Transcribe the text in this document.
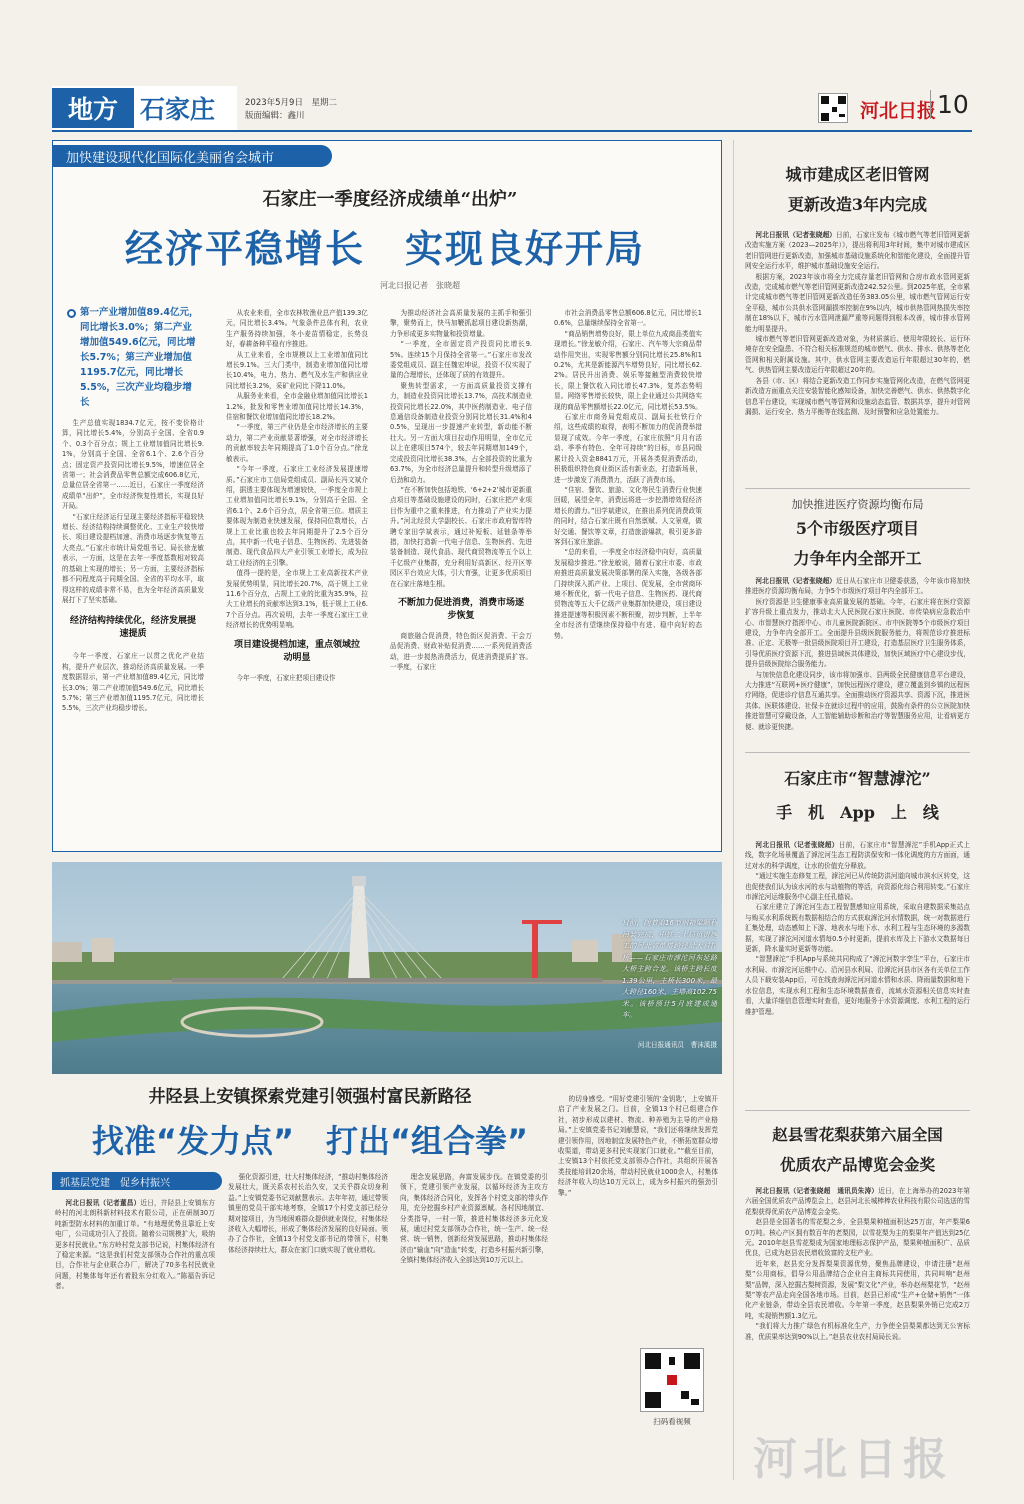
地方 石家庄	2023年5月9日　星期二
版面编辑：鑫川	河北日报 10
加快建设现代化国际化美丽省会城市
石家庄一季度经济成绩单“出炉”
经济平稳增长　实现良好开局
河北日报记者　张晓超
第一产业增加值89.4亿元，同比增长3.0%；第二产业增加值549.6亿元，同比增长5.7%；第三产业增加值1195.7亿元，同比增长5.5%，三次产业均稳步增长

生产总值实现1834.7亿元，按不变价格计算，同比增长5.4%，分别高于全国、全省0.9个、0.3个百分点；规上工业增加值同比增长9.1%，分别高于全国、全省6.1个、2.6个百分点；固定资产投资同比增长9.5%，增速位居全省第一；社会消费品零售总额完成606.8亿元，总量位居全省第一……近日，石家庄一季度经济成绩单“出炉”，全市经济恢复性增长，实现良好开局。

“石家庄经济运行呈现主要经济指标平稳较快增长、经济结构持续调整优化、工业生产较快增长、项目建设提档加速、消费市场逐步恢复等五大亮点。”石家庄市统计局党组书记、局长徐龙敏表示，一方面，这是在去年一季度基数相对较高的基础上实现的增长；另一方面，主要经济指标都不同程度高于同期全国、全省的平均水平，取得这样的成绩非常不易，也为全年经济高质量发展打下了坚实基础。

经济结构持续优化，经济发展提速提质

今年一季度，石家庄一以贯之优化产业结构，提升产业层次，推动经济高质量发展。一季度数据显示，第一产业增加值89.4亿元，同比增长3.0%；第二产业增加值549.6亿元，同比增长5.7%；第三产业增加值1195.7亿元，同比增长5.5%，三次产业均稳步增长。

从农业来看，全市农林牧渔业总产值139.3亿元，同比增长3.4%。气象条件总体有利，农业生产服务持续加强，冬小麦苗情稳定，长势良好，春耕备种平稳有序推进。

从工业来看，全市规模以上工业增加值同比增长9.1%。三大门类中，制造业增加值同比增长10.4%，电力、热力、燃气及水生产和供应业同比增长3.2%，采矿业同比下降11.0%。

从服务业来看，全市金融业增加值同比增长11.2%，批发和零售业增加值同比增长14.3%，住宿和餐饮业增加值同比增长18.2%。

“一季度，第三产业仍是全市经济增长的主要动力，第二产业贡献显著增强，对全市经济增长的贡献率较去年同期提高了1.0个百分点。”徐龙敏表示。

“今年一季度，石家庄工业经济发展提速增质。”石家庄市工信局党组成员、副局长冯文斌介绍，据透主要体现为增速较快，一季度全市规上工业增加值同比增长9.1%，分别高于全国、全省6.1个、2.6个百分点，居全省第三位。增质主要体现为制造业快速发展，保持同位数增长，占规上工业比重也较去年同期提升了2.5个百分点，其中新一代电子信息、生物医药、先进装备制造、现代食品四大产业引领工业增长，成为拉动工业经济的主引擎。

值得一提的是，全市规上工业高新技术产业发展优势明显，同比增长20.7%，高于规上工业11.6个百分点，占规上工业的比重为35.9%，拉大工业增长的贡献率达到3.1%，低于规上工业6.7个百分点。再次说明，去年一季度石家庄工业经济增长的优势明显响。

项目建设提档加速，重点领域拉动明显

今年一季度，石家庄把项目建设作

为推动经济社会高质量发展的主抓手和强引擎，聚势而上，快马加鞭抓起项目建设新热潮，力争形成更多实物量和投资增量。

“一季度，全市固定资产投资同比增长9.5%。连续15个月保持全省第一。”石家庄市发改委党组成员、副主任魏宏坤说，投资不仅实现了量的合理增长，还体现了质的有效提升。

聚焦转型需求，一方面高质量投资支撑有力，制造业投资同比增长13.7%，高技术制造业投资同比增长22.0%，其中医药制造业、电子信息通信设备制造业投资分别同比增长31.4%和40.5%，呈现出一步提速产业转型，新动能不断壮大。另一方面大项目拉动作用明显，全市亿元以上在建项目574个，较去年同期增加149个，完成投资同比增长38.3%，占全部投资的比重为63.7%，为全市经济总量提升和转型升级增添了后劲和动力。

“在不断加快包括地铁、‘6+2+2’城市更新重点项目等基础设施建设的同时，石家庄把产业项目作为重中之重来推进，有力推动了产业实力提升。”河北经贸大学副校长、石家庄市政府智库特聘专家田学斌表示，通过补短板、延链条等举措，加快打造新一代电子信息、生物医药、先进装备制造、现代食品、现代商贸物流等五个以上千亿级产业集群，充分利用好高新区、经开区等园区平台效应大体，引大育强，让更多优质项目在石家庄落地生根。

不断加力促进消费，消费市场逐步恢复

商旅融合促消费，特色街区促消费、干会万品促消费、财政补贴促消费……一系列促消费活动，进一步搅热消费活力，促进消费提质扩容。一季度，石家庄

市社会消费品零售总额606.8亿元，同比增长10.6%，总量继续保持全省第一。

“商品销售增势良好，限上单位九成商品类值实现增长。”徐龙敏介绍，石家庄、汽车等大宗商品带动作用突出，实现零售额分别同比增长25.8%和10.2%，尤其是新能源汽车增势良好，同比增长62.2%。居民升出消费、娱乐等接触型消费较快增长，限上餐饮收入同比增长47.3%，复苏态势明显。网络零售增长较快，限上企业通过公共网络实现的商品零售额增长22.0亿元，同比增长53.5%。

石家庄市商务局党组成员、副局长杜铁行介绍，这些成绩的取得，表明不断加力的促消费举措显现了成效。今年一季度，石家庄依照“月月有活动、季季有特色、全年可持续”的目标，市县同级累计投入资金8841万元，开展各类促消费活动，积极组织特色商业街区活有新业态，打造新场景，进一步激发了消费潜力，活跃了消费市场。

“住宿、餐饮、旅游、文化等民生消费行业快速回暖，展望全年，消费远将进一步挖潜增效促经济增长的潜力。”田学斌建议，在推出系列促消费政策的同时，结合石家庄既有自然禀赋、人文景观，做好交通、餐饮等文章，打造旅游爆款，吸引更多游客到石家庄旅游。

“总的来看，一季度全市经济稳中向好，高质量发展稳步推进。”徐龙敏说，随着石家庄市委、市政府推进高质量发展决策部署的深入实施，各级各部门持续深入抓产业、上项目、促发展，全市营商环境不断优化，新一代电子信息、生物医药、现代商贸物流等五大千亿级产业集群加快建设，项目建设推进提速等积极因素不断积聚，初步判断，上半年全市经济有望继续保持稳中有进、稳中向好的态势。

城市建成区老旧管网
更新改造3年内完成

河北日报讯（记者张晓超）日前，石家庄发布《城市燃气等老旧管网更新改造实施方案（2023—2025年）》，提出将利用3年时间，集中对城市建成区老旧管网进行更新改造，加强城市基础设施系统化和智能化建设，全面提升管网安全运行水平，维护城市基础设施安全运行。

根据方案，2023年该市将全力完成存量老旧管网和合房市政水管网更新改造，完成城市燃气等老旧管网更新改造242.52公里。到2025年底，全市累计完成城市燃气等老旧管网更新改造任务383.05公里，城市燃气管网运行安全平稳，城市公共供水管网漏损率控制在9%以内，城市供热管网热损失率控制在18%以下，城市污水管网泄漏严重等问题得到根本改善，城市排水管网能力明显提升。

城市燃气等老旧管网更新改造对象，为材质落后、使用年限较长、运行环境存在安全隐患、不符合相关标准规范的城市燃气、供水、排水、供热等老化管网和相关附属设施。其中，供水管网主要改造运行年限超过30年的，燃气、供热管网主要改造运行年限超过20年的。

各县（市、区）将结合更新改造工作同步实施管网化改造，在燃气管网更新改造方面重点关注安装智能化感知设备，加快完善燃气、供水、供热数字化信息平台建设，实现城市燃气等管网和设施动态监管、数据共享，提升对管网漏损、运行安全、热力平衡等在线监测、及时预警和应急处置能力。

加快推进医疗资源均衡布局
5个市级医疗项目
力争年内全部开工

河北日报讯（记者张晓超）近日从石家庄市卫健委获悉，今年该市将加快推进医疗资源均衡布局，力争5个市级医疗项目年内全部开工。

医疗资源是卫生健康事业高质量发展的基础。今年，石家庄将在医疗资源扩容升级上重点发力，推动北大人民医院石家庄医院、市传染病应急救治中心、市智慧医疗指挥中心、市儿童医院新院区、市中医院等5个市级医疗项目建设，力争年内全部开工。全面提升县级医院服务能力，将规范诊疗推进标准、正定、无极等一批县级医院项目开工建设，打造基层医疗卫生服务体系，引导优质医疗资源下沉，推进县域医共体建设，加快区域医疗中心建设步伐，提升县级医院综合服务能力。

与加快信息化建设同步，该市将加强市、县两级全民健康信息平台建设，大力推进“互联网+医疗健康”，加快远程医疗建设，建立覆盖到乡镇的远程医疗网络，促进诊疗信息互通共享。全面推动医疗资源共享、资源下沉，推进医共体、医联体建设、社保卡在就诊过程中的应用，鼓励有条件的公立医院加快推进智慧可穿戴设备，人工智能辅助诊断和治疗等智慧服务应用，让看病更方便、就诊更快捷。

石家庄市“智慧滹沱”
手　机　App　上　线

河北日报讯（记者张晓超）日前，石家庄市“智慧滹沱”手机App正式上线，数字化场景覆盖了滹沱河生态工程防洪保安和一体化调度的方方面面，通过对水的科学调度，让水的价值充分释放。

“通过实施生态修复工程，滹沱河已从传统防洪河道向城市滨水区转变，这也促使我们认为该水河的水与动植物的等活，向资源化综合利用转变。”石家庄市滹沱河运维服务中心副主任孔德说。

石家庄建立了滹沱河生态工程智慧感知应用系统，采取自建数据采集站点与购买水利系统既有数据相结合的方式获取滹沱河水情数据，统一对数据进行汇集处理，动态感知上下游、地表水与地下水、水利工程与生态环境的多源数据，实现了滹沱河河道水情每0.5小时更新，提前水库及上下游水文数据每日更新，降水量实时更新等功能。

“智慧滹沱”手机App与系统共同构成了“滹沱河数字孪生”平台，石家庄市水利局、市滹沱河运维中心、沿河县水利局、沿滹沱河县市区各有关单位工作人员下载安装App后，可在线查询滹沱河河道水情和水质、降雨量数据和地下水位信息，实现水利工程和生态环境数据查看，流域水资源相关信息实时查看，大量详细信息管理实时查看，更好地服务于水资源调度、水利工程的运行维护管理。

赵县雪花梨获第六届全国
优质农产品博览会金奖

河北日报讯（记者张晓超　通讯员朱涛）近日，在上海举办的2023年第六届全国优质农产品博览会上，赵县河北长城棒棒农业科技有限公司选送的雪花梨获得优质农产品博览会金奖。

赵县是全国著名的雪花梨之乡，全县梨果种植面积达25万亩，年产梨果60万吨。核心产区拥有数百年的老梨园，以雪花梨为主的梨果年产值达到25亿元。2010年赵县雪花梨成为国家地理标志保护产品，梨果种植面积广、品质优良，已成为赵县农民增收致富的支柱产业。

近年来，赵县充分发挥梨果资源优势，聚焦品牌建设，申请注册“赵州梨”公用商标，倡导公用品牌结合企业自主商标共同使用，共同叫响“赵州梨”品牌，深入挖掘古梨树资源，发展“梨文化”产业，举办赵州梨花节，“赵州梨”等农产品走向全国各地市场。目前，赵县已形成“生产+仓储+销售”一体化产业链条，带动全县农民增收。今年第一季度，赵县梨果外销已完成2万吨，实现销售额1.3亿元。

“我们将大力推广绿色有机标准化生产，力争使全县梨果都达到无公害标准，优质果率达到90%以上。”赵县农业农村局局长说。

日前，随着第16节钢箱梁顺利吊装完成，中铁二十局负责施工的河北省单塔跨径最大斜拉桥——石家庄市滹沱河东延路大桥主跨合龙。该桥主跨长度1.39公里，主桥长300米，最大跨径160米，主塔高102.75米。该桥预计5月底建成通车。
河北日报通讯员　曹沫溪摄
井陉县上安镇探索党建引领强村富民新路径
找准“发力点”　打出“组合拳”
抓基层党建　促乡村振兴

河北日报讯（记者董昌）近日，井陉县上安镇东方岭村的河北朗科新材料技术有限公司，正在研制30万吨新型防水材料的加重订单。“有地理优势且靠近上安电厂，公司成功引入了投资。随着公司规模扩大，吸纳更多村民就业。”东方岭村党支部书记说，村集体经济有了稳定来源。“这是我们村党支部领办合作社的重点项目，合作社与企业联合办厂，解决了70多名村民就业问题，村集体每年还有着股东分红收入。”陈福告诉记者。

强化资源引进，壮大村集体经济，“推动村集体经济发展壮大，既关系农村长治久安，又关乎群众切身利益。”上安镇党委书记刘献慧表示。去年年初，通过带领镇里的党员干部实地考察，全镇17个村党支部已经分期对接项目，为当地困难群众提供就业岗位，村集体经济收入大幅增长，形成了集体经济发展的良好局面。领办了合作社，全镇13个村党支部书记的带领下，村集体经济持续壮大，群众在家门口就实现了就业增收。

理念发展思路，奔富发展步伐。在镇党委的引领下，党建引领产业发展，以循环经济为主攻方向，集体经济合同化，发挥各个村党支部的带头作用，充分挖掘乡村产业资源禀赋。各村因地制宜、分类指导，一村一策，推进村集体经济多元化发展，通过村党支部领办合作社，统一生产、统一经营、统一销售，创新经营发展思路，推动村集体经济由“输血”向“造血”转变，打造乡村振兴新引擎，全镇村集体经济收入全部达到10万元以上。

的切身感受。“用好党建引领的‘金钥匙’，上安镇开启了产业发展之门。目前，全镇13个村已组建合作社，初步形成以建材、物流、种养殖为主导的产业格局。”上安镇党委书记刘献慧说，“我们还将继续发挥党建引领作用，因地制宜发展特色产业，不断拓宽群众增收渠道，带动更多村民实现家门口就业。”“截至目前，上安镇13个村依托党支部领办合作社，共组织开展各类技能培训20余场，带动村民就业1000余人，村集体经济年收入均达10万元以上，成为乡村振兴的强劲引擎。”

扫码看视频
河北日报
